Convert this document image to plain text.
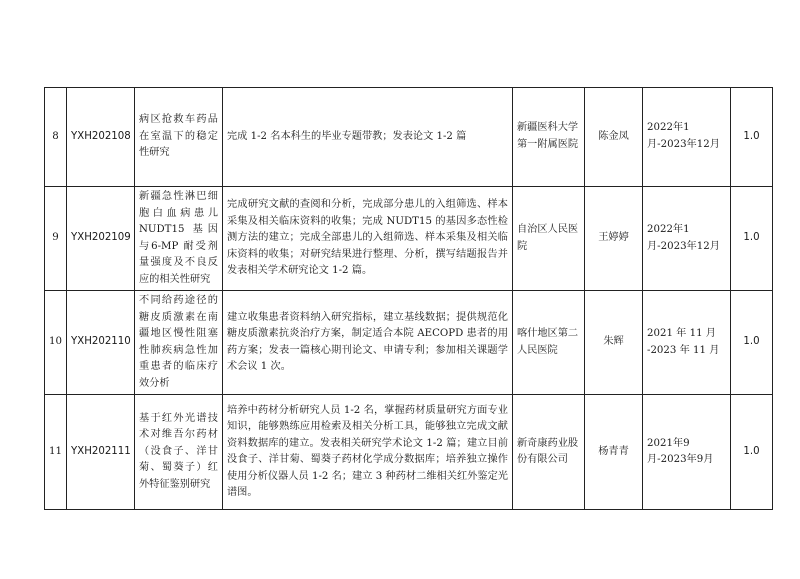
8	YXH202108	病区抢救车药品在室温下的稳定性研究	完成 1-2 名本科生的毕业专题带教；发表论文 1-2 篇	新疆医科大学第一附属医院	陈金凤	2022年1月-2023年12月	1.0
9	YXH202109	新疆急性淋巴细胞白血病患儿NUDT15 基因与6-MP 耐受剂量强度及不良反应的相关性研究	完成研究文献的查阅和分析，完成部分患儿的入组筛选、样本采集及相关临床资料的收集；完成 NUDT15 的基因多态性检测方法的建立；完成全部患儿的入组筛选、样本采集及相关临床资料的收集；对研究结果进行整理、分析，撰写结题报告并发表相关学术研究论文 1-2 篇。	自治区人民医院	王婷婷	2022年1月-2023年12月	1.0
10	YXH202110	不同给药途径的糖皮质激素在南疆地区慢性阻塞性肺疾病急性加重患者的临床疗效分析	建立收集患者资料纳入研究指标，建立基线数据；提供规范化糖皮质激素抗炎治疗方案，制定适合本院 AECOPD 患者的用药方案；发表一篇核心期刊论文、申请专利；参加相关课题学术会议 1 次。	喀什地区第二人民医院	朱辉	2021 年 11 月 -2023 年 11 月	1.0
11	YXH202111	基于红外光谱技术对维吾尔药材（没食子、洋甘菊、蜀葵子）红外特征鉴别研究	培养中药材分析研究人员 1-2 名，掌握药材质量研究方面专业知识，能够熟练应用检索及相关分析工具，能够独立完成文献资料数据库的建立。发表相关研究学术论文 1-2 篇；建立目前没食子、洋甘菊、蜀葵子药材化学成分数据库；培养独立操作使用分析仪器人员 1-2 名；建立 3 种药材二维相关红外鉴定光谱图。	新奇康药业股份有限公司	杨青青	2021年9月-2023年9月	1.0
